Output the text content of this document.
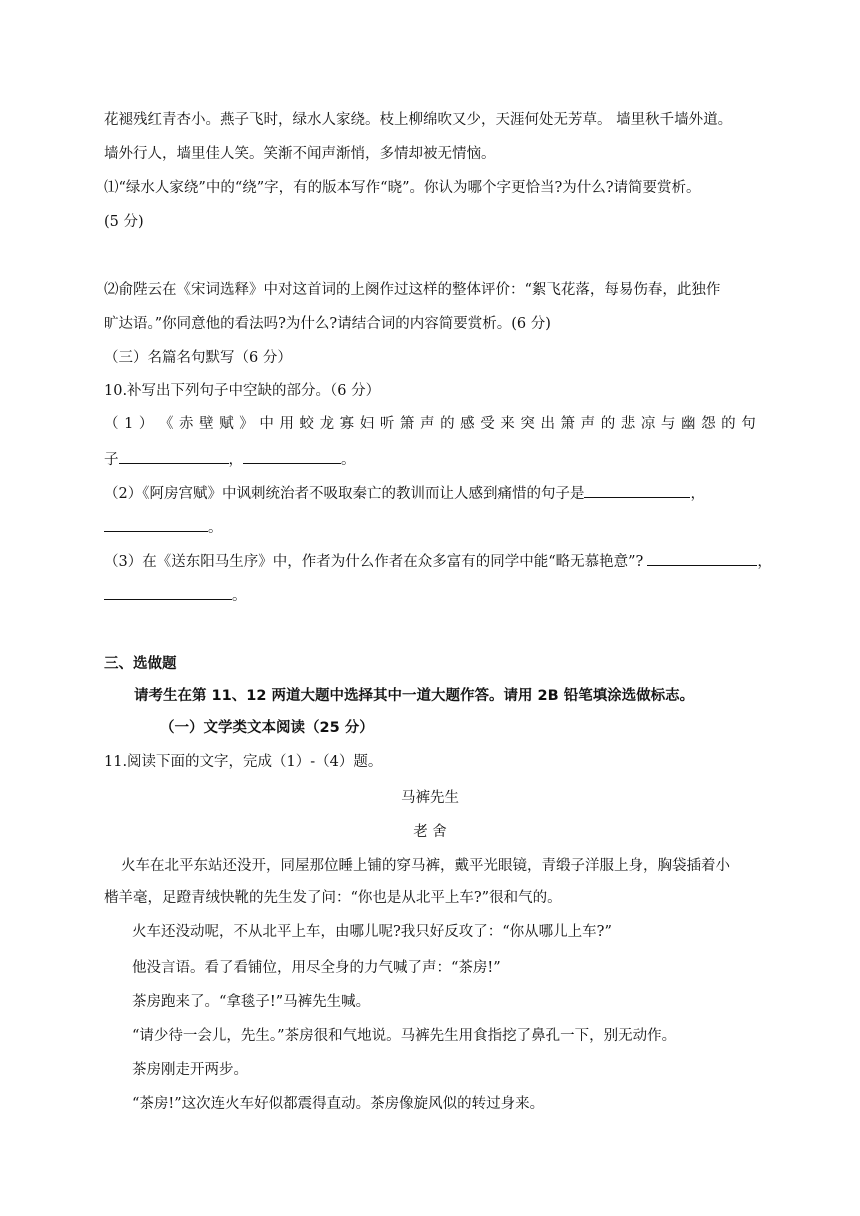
花褪残红青杏小。燕子飞时，绿水人家绕。枝上柳绵吹又少，天涯何处无芳草。 墙里秋千墙外道。
墙外行人，墙里佳人笑。笑渐不闻声渐悄，多情却被无情恼。
⑴“绿水人家绕”中的“绕”字，有的版本写作“晓”。你认为哪个字更恰当?为什么?请简要赏析。
(5 分)
⑵俞陛云在《宋词选释》中对这首词的上阕作过这样的整体评价：“絮飞花落，每易伤春，此独作
旷达语。”你同意他的看法吗?为什么?请结合词的内容简要赏析。(6 分)
（三）名篇名句默写（6 分）
10.补写出下列句子中空缺的部分。（6 分）
（ 1 ） 《 赤 壁 赋 》 中 用 蛟 龙 寡 妇 听 箫 声 的 感 受 来 突 出 箫 声 的 悲 凉 与 幽 怨 的 句
子	，	。
（2）《阿房宫赋》中讽刺统治者不吸取秦亡的教训而让人感到痛惜的句子是	，
。
（3）在《送东阳马生序》中，作者为什么作者在众多富有的同学中能“略无慕艳意”?	，
。
三、选做题
请考生在第 11、12 两道大题中选择其中一道大题作答。请用 2B 铅笔填涂选做标志。
（一）文学类文本阅读（25 分）
11.阅读下面的文字，完成（1）-（4）题。
马裤先生
老 舍
火车在北平东站还没开，同屋那位睡上铺的穿马裤，戴平光眼镜，青缎子洋服上身，胸袋插着小
楷羊毫，足蹬青绒快靴的先生发了问：“你也是从北平上车?”很和气的。
火车还没动呢，不从北平上车，由哪儿呢?我只好反攻了：“你从哪儿上车?”
他没言语。看了看铺位，用尽全身的力气喊了声：“茶房!”
茶房跑来了。“拿毯子!”马裤先生喊。
“请少待一会儿，先生。”茶房很和气地说。马裤先生用食指挖了鼻孔一下，别无动作。
茶房刚走开两步。
“茶房!”这次连火车好似都震得直动。茶房像旋风似的转过身来。
